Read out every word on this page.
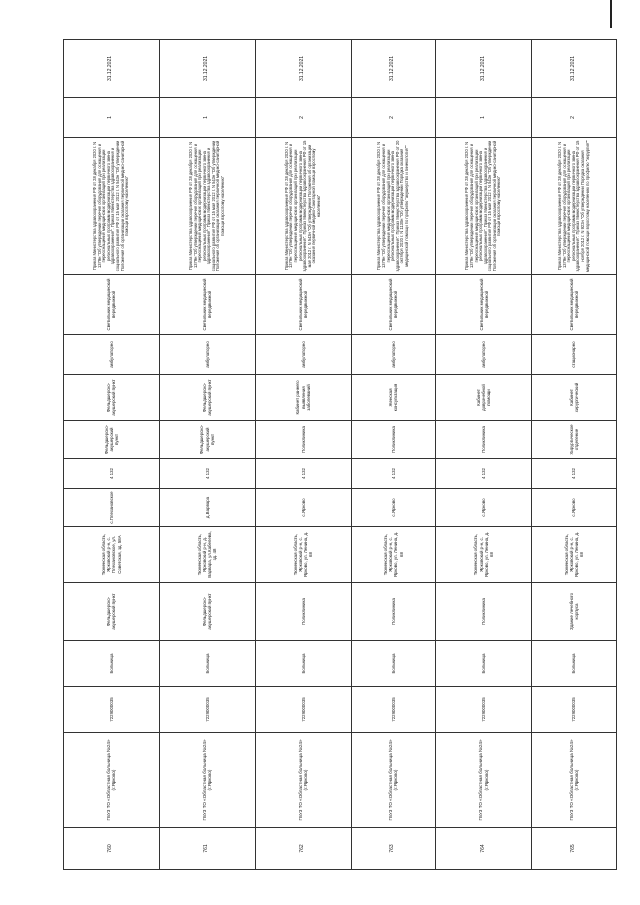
760	ГБУЗ ТО «Областная больница №24» (г.Ярково)	7229000035	Больница	Фельдшерско-акушерский пункт	Тюменская область, Ярковский р-н, с. Плехановское, ул. Советская, зд. 58А	с.Плехановское	4 132	Фельдшерско-акушерский пункт	Фельдшерско-акушерский пункт	амбулаторно	Светильник медицинский передвижной	Приказ Министерства здравоохранения РФ от 28 декабря 2020 г. N 1379н "Об утверждении перечня оборудования для оснащения и переоснащения медицинских организаций при реализации региональных программ модернизации первичного звена здравоохранения". Приказ Министерства здравоохранения и социального развития РФ от 15 мая 2012 г. N 543н "Об утверждении Положения об организации оказания первичной медико-санитарной помощи взрослому населению"	1	31.12.2021
761	ГБУЗ ТО «Областная больница №24» (г.Ярково)	7229000035	Больница	Фельдшерско-акушерский пункт	Тюменская область, Ярковский р-н, д. Варвара, ул.Кабелева, зд. 48	д.Варвара	4 132	Фельдшерско-акушерский пункт	Фельдшерско-акушерский пункт	амбулаторно	Светильник медицинский передвижной	Приказ Министерства здравоохранения РФ от 28 декабря 2020 г. N 1379н "Об утверждении перечня оборудования для оснащения и переоснащения медицинских организаций при реализации региональных программ модернизации первичного звена здравоохранения". Приказ Министерства здравоохранения и социального развития РФ от 15 мая 2012 г. N 543н "Об утверждении Положения об организации оказания первичной медико-санитарной помощи взрослому населению"	1	31.12.2021
762	ГБУЗ ТО «Областная больница №24» (г.Ярково)	7229000035	Больница	Поликлиника	Тюменская область, Ярковский р-н, с. Ярково, ул. Ленина, д. 68	с.Ярково	4 132	Поликлиника	Кабинет раннего выявления заболеваний	амбулаторно	Светильник медицинский передвижной	Приказ Министерства здравоохранения РФ от 28 декабря 2020 г. N 1379н "Об утверждении перечня оборудования для оснащения и переоснащения медицинских организаций при реализации региональных программ модернизации первичного звена здравоохранения". Приказ Министерства здравоохранения РФ от 15 мая 2012 г. N 543н "Об утверждении Положения об организации оказания первичной медико-санитарной помощи взрослому населению"	2	31.12.2021
763	ГБУЗ ТО «Областная больница №24» (г.Ярково)	7229000035	Больница	Поликлиника	Тюменская область, Ярковский р-н, с. Ярково, ул. Ленина, д. 68	с.Ярково	4 132	Поликлиника	Женская консультация	амбулаторно	Светильник медицинский передвижной	Приказ Министерства здравоохранения РФ от 28 декабря 2020 г. N 1379н "Об утверждении перечня оборудования для оснащения и переоснащения медицинских организаций при реализации региональных программ модернизации первичного звена здравоохранения". Приказ Министерства здравоохранения РФ от 20 октября 2020 г. N 1130н "Об утверждении Порядка оказания медицинской помощи по профилю "акушерство и гинекология""	2	31.12.2021
764	ГБУЗ ТО «Областная больница №24» (г.Ярково)	7229000035	Больница	Поликлиника	Тюменская область, Ярковский р-н, с. Ярково, ул. Ленина, д. 68	с.Ярково	4 132	Поликлиника	Кабинет доврачебной помощи	амбулаторно	Светильник медицинский передвижной	Приказ Министерства здравоохранения РФ от 28 декабря 2020 г. N 1379н "Об утверждении перечня оборудования для оснащения и переоснащения медицинских организаций при реализации региональных программ модернизации первичного звена здравоохранения". Приказ Министерства здравоохранения и социального развития РФ от 15 мая 2012 г. N 543н "Об утверждении Положения об организации оказания первичной медико-санитарной помощи взрослому населению"	1	31.12.2021
765	ГБУЗ ТО «Областная больница №24» (г.Ярково)	7229000035	Больница	Здание лечебного корпуса	Тюменская область, Ярковский р-н, с. Ярково, ул. Ленина, д. 68	с.Ярково	4 132	Хирургическое отделение	Кабинет хирургический	стационарно	Светильник медицинский передвижной	Приказ Министерства здравоохранения РФ от 28 декабря 2020 г. N 1379н "Об утверждении перечня оборудования для оснащения и переоснащения медицинских организаций при реализации региональных программ модернизации первичного звена здравоохранения". Приказ Министерства здравоохранения РФ от 15 ноября 2012 г. N 922н "Об утверждении Порядка оказания медицинской помощи взрослому населению по профилю "хирургия""	2	31.12.2021
